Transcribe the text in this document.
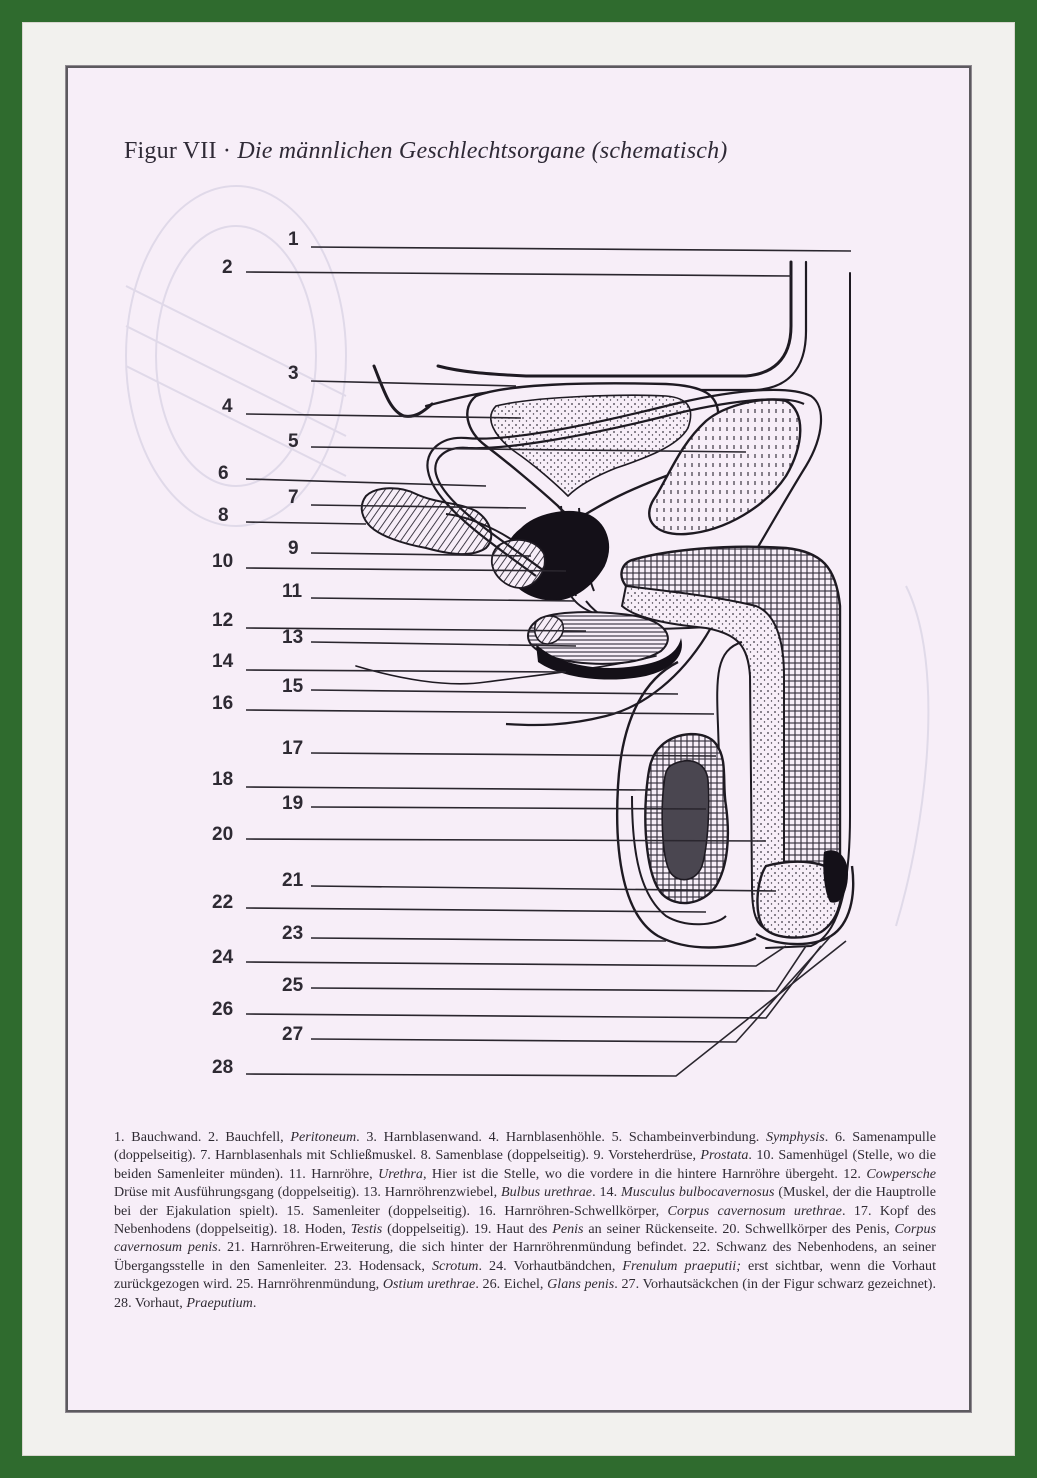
Figur VII · Die männlichen Geschlechtsorgane (schematisch)
1
2
3
4
5
6
7
8
9
10
11
12
13
14
15
16
17
18
19
20
21
22
23
24
25
26
27
28
1. Bauchwand. 2. Bauchfell, Peritoneum. 3. Harnblasenwand. 4. Harnblasenhöhle. 5. Schambeinverbindung. Symphysis. 6. Samenampulle (doppelseitig). 7. Harnblasenhals mit Schließmuskel. 8. Samenblase (doppelseitig). 9. Vorsteherdrüse, Prostata. 10. Samenhügel (Stelle, wo die beiden Samenleiter münden). 11. Harnröhre, Urethra, Hier ist die Stelle, wo die vordere in die hintere Harnröhre übergeht. 12. Cowpersche Drüse mit Ausführungsgang (doppelseitig). 13. Harnröhrenzwiebel, Bulbus urethrae. 14. Musculus bulbocavernosus (Muskel, der die Hauptrolle bei der Ejakulation spielt). 15. Samenleiter (doppelseitig). 16. Harnröhren-Schwellkörper, Corpus cavernosum urethrae. 17. Kopf des Nebenhodens (doppelseitig). 18. Hoden, Testis (doppelseitig). 19. Haut des Penis an seiner Rückenseite. 20. Schwellkörper des Penis, Corpus cavernosum penis. 21. Harnröhren-Erweiterung, die sich hinter der Harnröhrenmündung befindet. 22. Schwanz des Nebenhodens, an seiner Übergangsstelle in den Samenleiter. 23. Hodensack, Scrotum. 24. Vorhautbändchen, Frenulum praeputii; erst sichtbar, wenn die Vorhaut zurückgezogen wird. 25. Harnröhrenmündung, Ostium urethrae. 26. Eichel, Glans penis. 27. Vorhautsäckchen (in der Figur schwarz gezeichnet). 28. Vorhaut, Praeputium.
